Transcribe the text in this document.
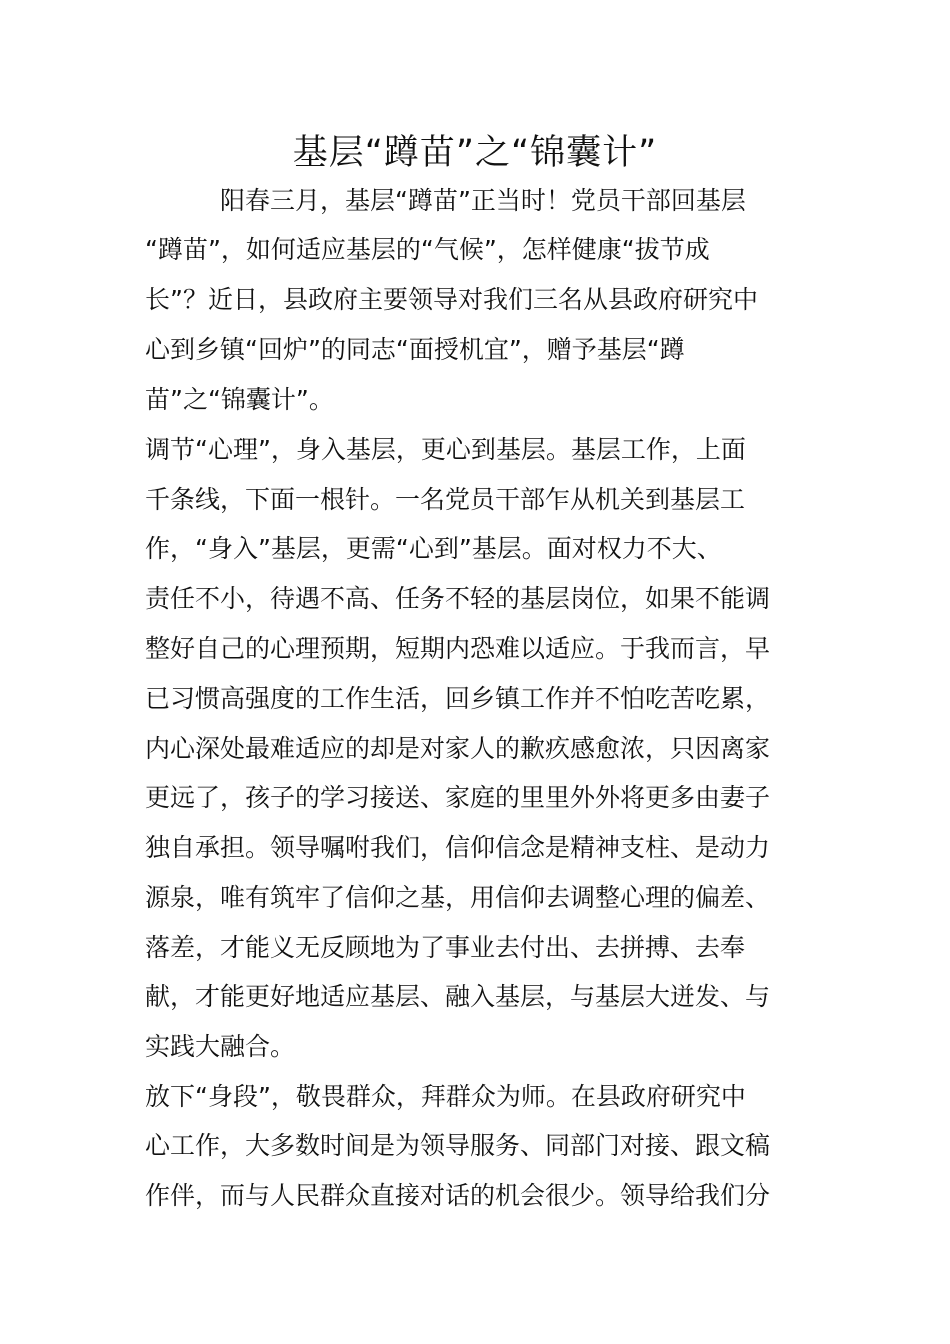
基层“蹲苗”之“锦囊计”
　　　阳春三月，基层“蹲苗”正当时！党员干部回基层
“蹲苗”，如何适应基层的“气候”，怎样健康“拔节成
长”？近日，县政府主要领导对我们三名从县政府研究中
心到乡镇“回炉”的同志“面授机宜”，赠予基层“蹲
苗”之“锦囊计”。
调节“心理”，身入基层，更心到基层。基层工作，上面
千条线，下面一根针。一名党员干部乍从机关到基层工
作，“身入”基层，更需“心到”基层。面对权力不大、
责任不小，待遇不高、任务不轻的基层岗位，如果不能调
整好自己的心理预期，短期内恐难以适应。于我而言，早
已习惯高强度的工作生活，回乡镇工作并不怕吃苦吃累，
内心深处最难适应的却是对家人的歉疚感愈浓，只因离家
更远了，孩子的学习接送、家庭的里里外外将更多由妻子
独自承担。领导嘱咐我们，信仰信念是精神支柱、是动力
源泉，唯有筑牢了信仰之基，用信仰去调整心理的偏差、
落差，才能义无反顾地为了事业去付出、去拼搏、去奉
献，才能更好地适应基层、融入基层，与基层大迸发、与
实践大融合。
放下“身段”，敬畏群众，拜群众为师。在县政府研究中
心工作，大多数时间是为领导服务、同部门对接、跟文稿
作伴，而与人民群众直接对话的机会很少。领导给我们分
